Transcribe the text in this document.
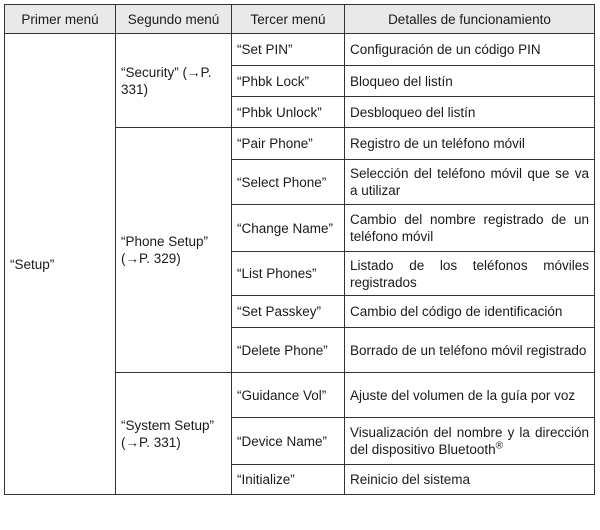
Primer menú	Segundo menú	Tercer menú	Detalles de funcionamiento
“Setup”	“Security” (→P. 331)	“Set PIN”	Configuración de un código PIN
		“Phbk Lock”	Bloqueo del listín
		“Phbk Unlock”	Desbloqueo del listín
	“Phone Setup” (→P. 329)	“Pair Phone”	Registro de un teléfono móvil
		“Select Phone”	Selección del teléfono móvil que se va a utilizar
		“Change Name”	Cambio del nombre registrado de un teléfono móvil
		“List Phones”	Listado de los teléfonos móviles registrados
		“Set Passkey”	Cambio del código de identificación
		“Delete Phone”	Borrado de un teléfono móvil registrado
	“System Setup” (→P. 331)	“Guidance Vol”	Ajuste del volumen de la guía por voz
		“Device Name”	Visualización del nombre y la dirección del dispositivo Bluetooth®
		“Initialize”	Reinicio del sistema
